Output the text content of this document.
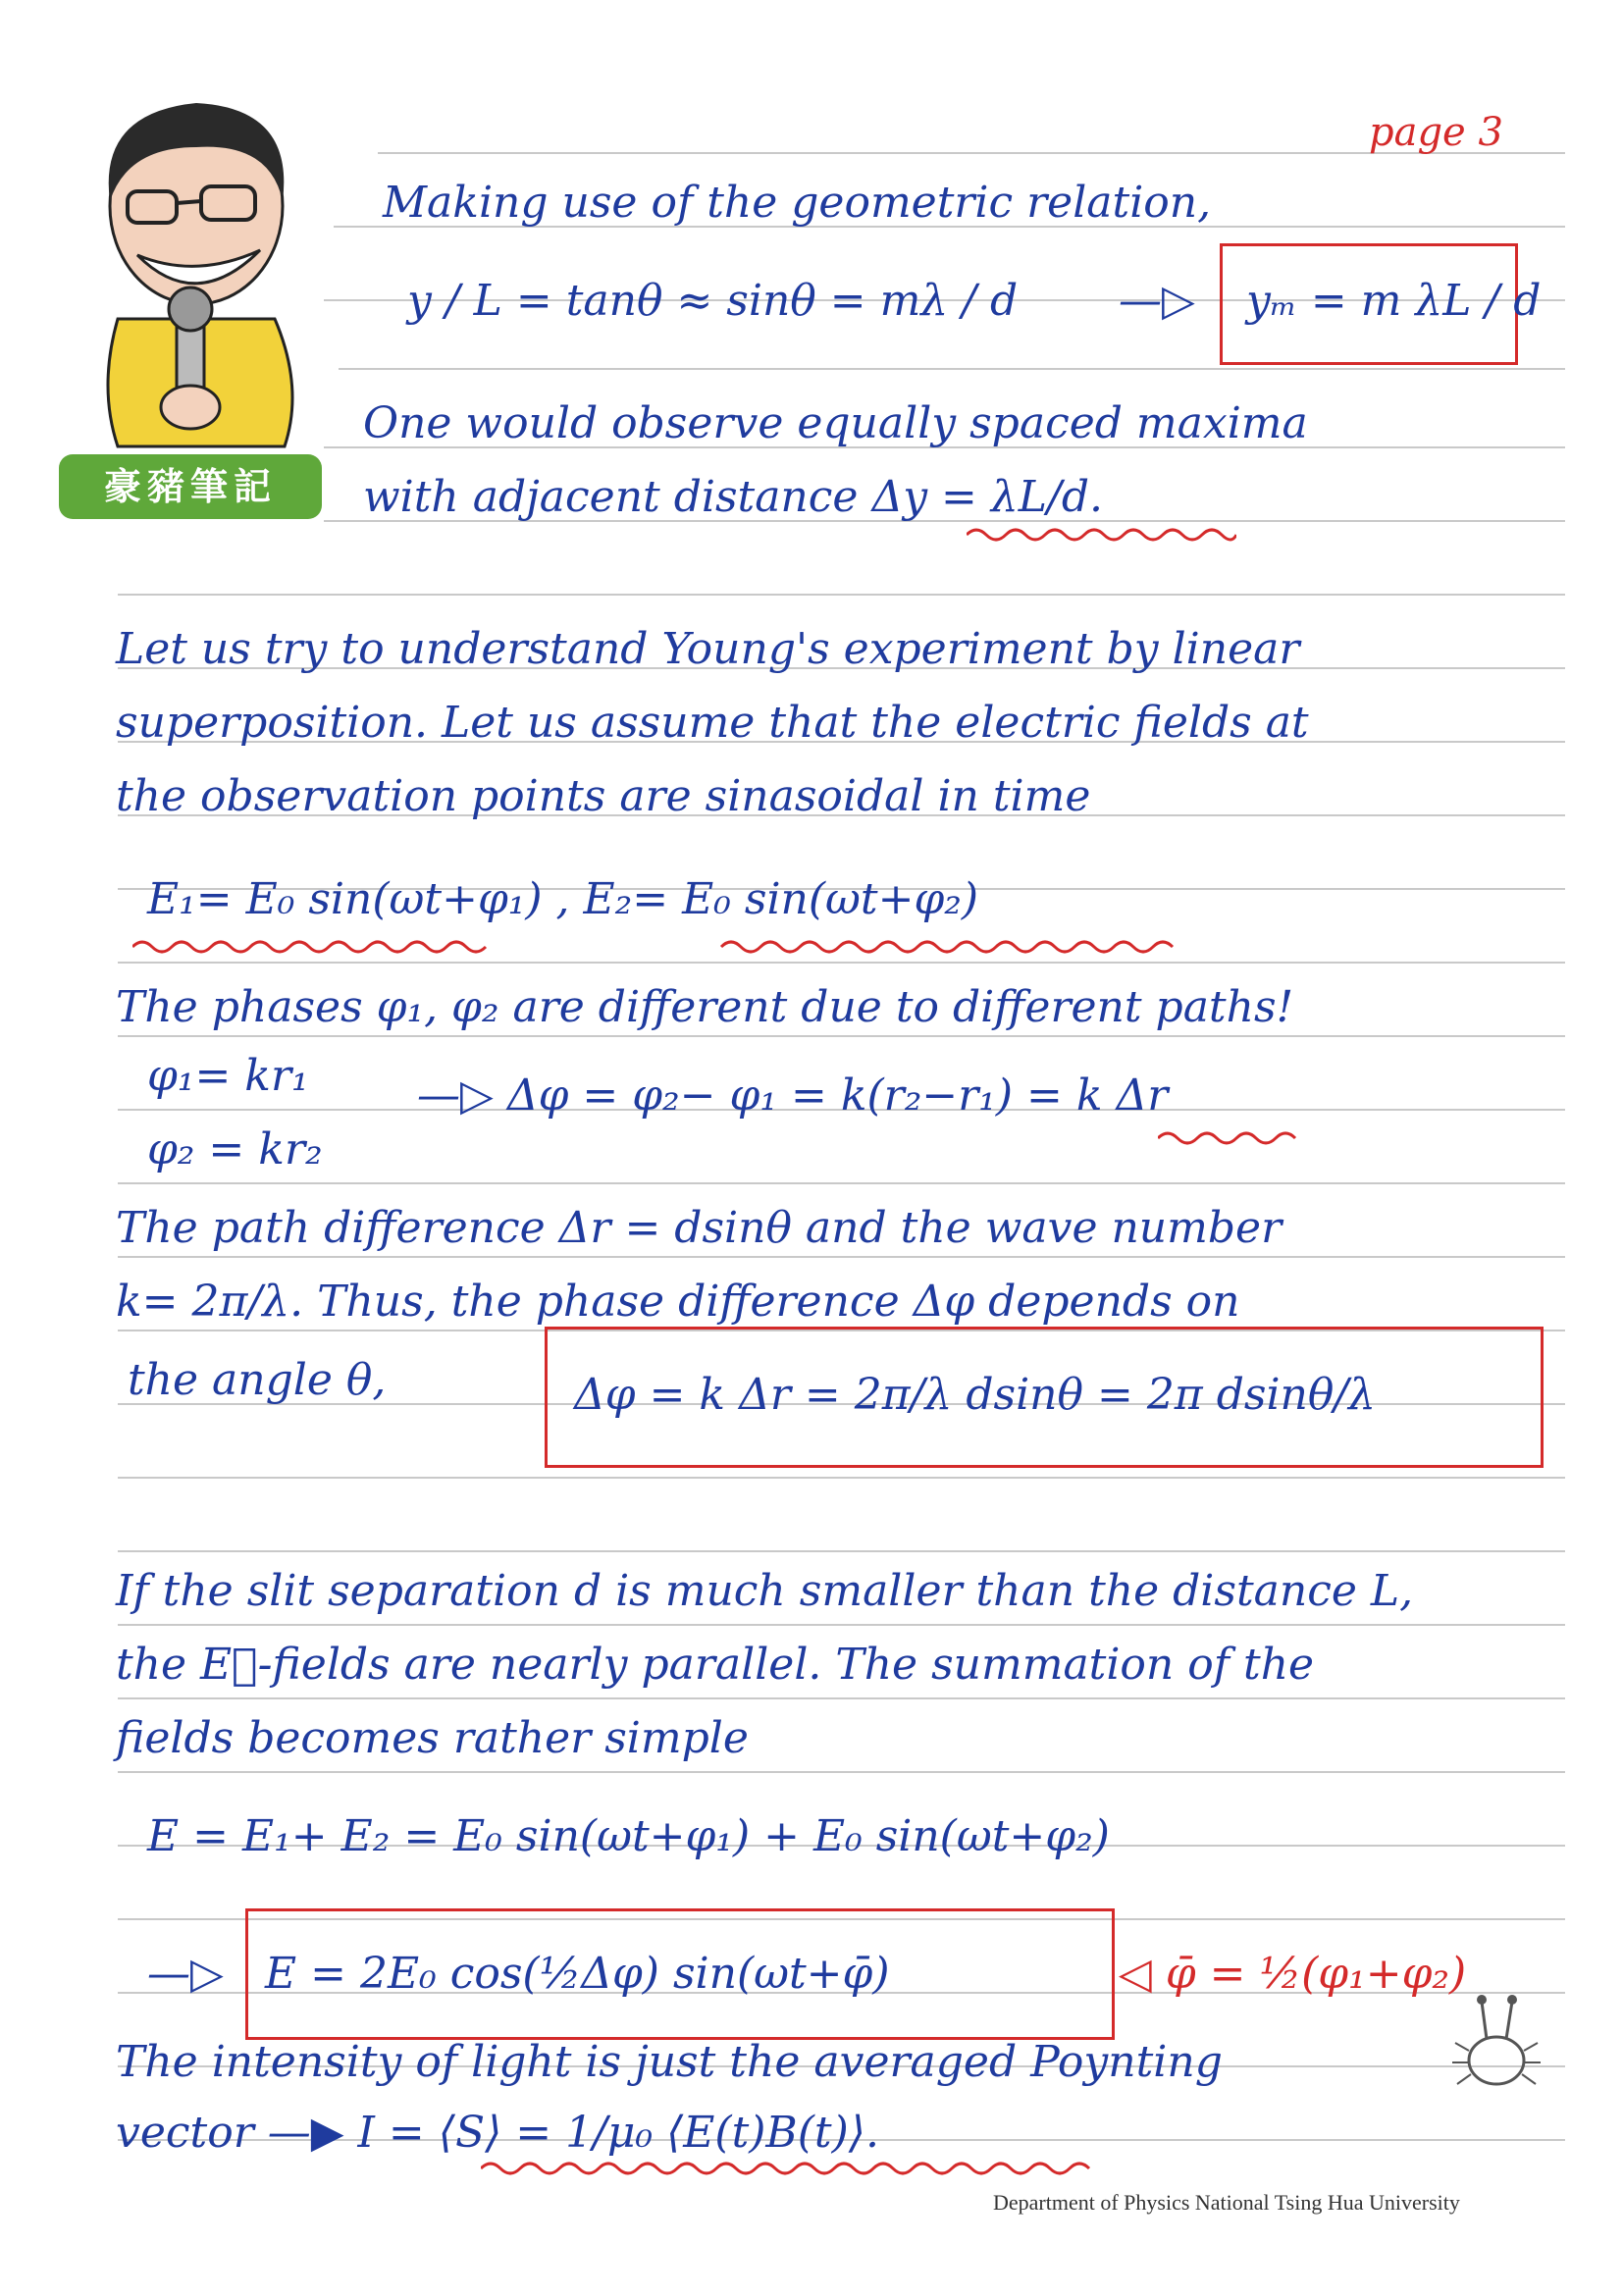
page 3
豪豬筆記
Making use of the geometric relation,
y / L = tanθ ≈ sinθ = mλ / d —▷ yₘ = m λL / d
One would observe equally spaced maxima
with adjacent distance Δy = λL/d.
Let us try to understand Young's experiment by linear
superposition. Let us assume that the electric fields at
the observation points are sinasoidal in time
E₁= E₀ sin(ωt+φ₁) , E₂= E₀ sin(ωt+φ₂)
The phases φ₁, φ₂ are different due to different paths!
φ₁= kr₁	—▷ Δφ = φ₂− φ₁ = k(r₂−r₁) = k Δr
φ₂ = kr₂
The path difference Δr = dsinθ and the wave number
k= 2π/λ. Thus, the phase difference Δφ depends on
the angle θ,	Δφ = k Δr = 2π/λ dsinθ = 2π dsinθ/λ
If the slit separation d is much smaller than the distance L,
the E⃗-fields are nearly parallel. The summation of the
fields becomes rather simple
E = E₁+ E₂ = E₀ sin(ωt+φ₁) + E₀ sin(ωt+φ₂)
—▷ E = 2E₀ cos(½Δφ) sin(ωt+φ̄)	◁ φ̄ = ½(φ₁+φ₂)
The intensity of light is just the averaged Poynting
vector —▶ I = ⟨S⟩ = 1/μ₀ ⟨E(t)B(t)⟩.
Department of Physics National Tsing Hua University
